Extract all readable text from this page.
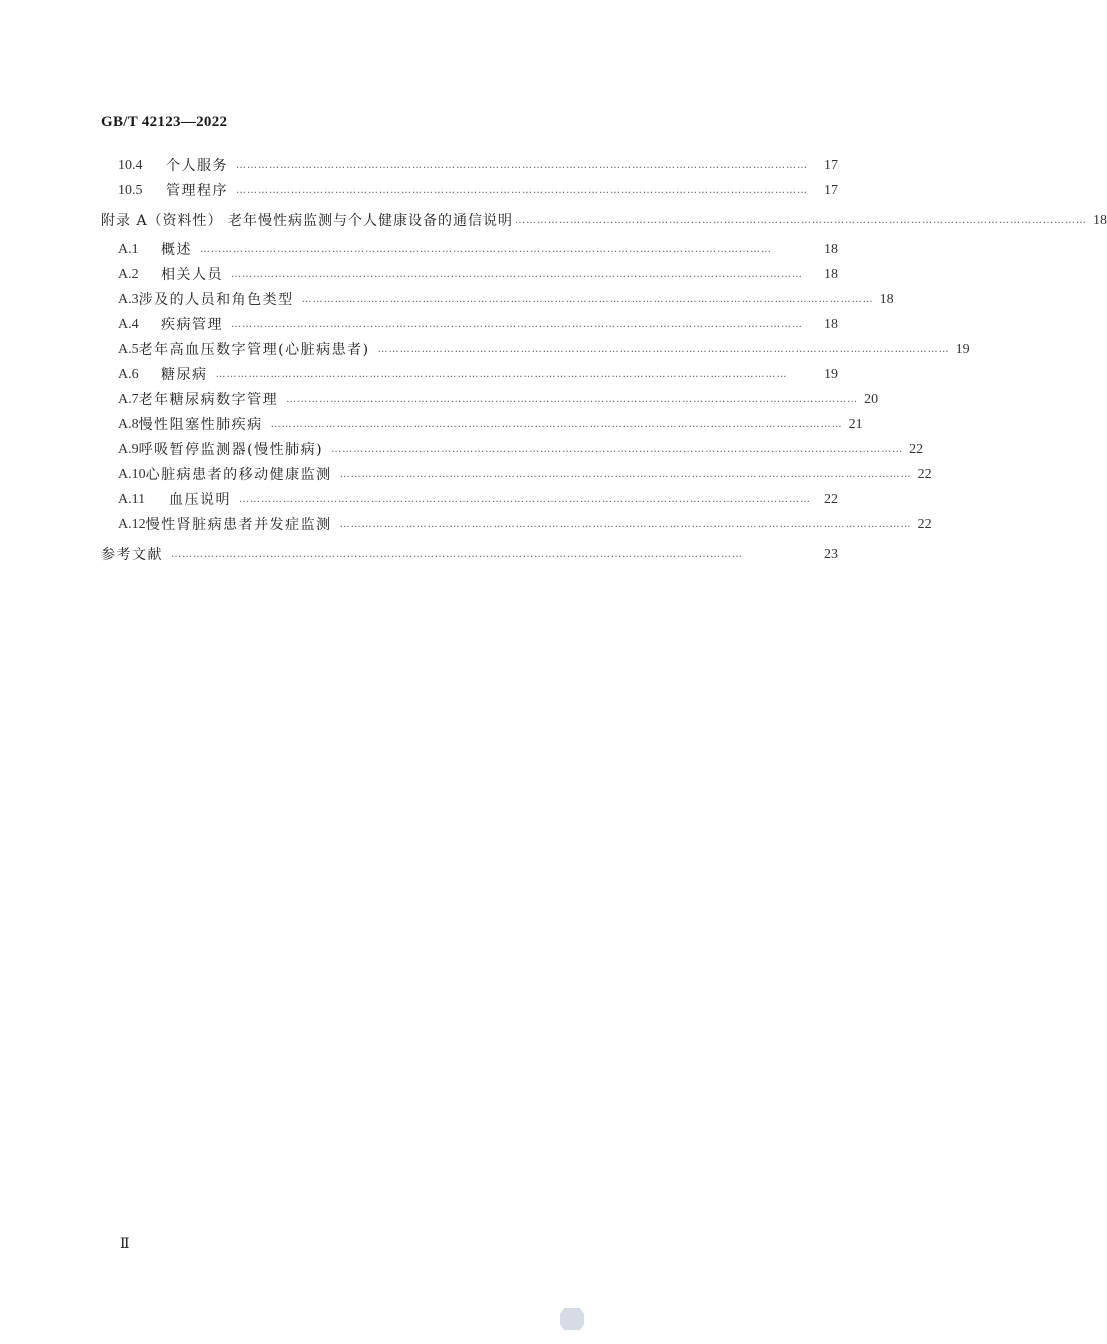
GB/T 42123—2022
10.4	个人服务 …………………………………………………………………………………………………………………………………………	17
10.5	管理程序 …………………………………………………………………………………………………………………………………………	17
附录 A（资料性） 老年慢性病监测与个人健康设备的通信说明 ………………………………………………………………………………………………………………………………………… 18
A.1	概述 …………………………………………………………………………………………………………………………………………	18
A.2	相关人员 …………………………………………………………………………………………………………………………………………	18
A.3 涉及的人员和角色类型 ………………………………………………………………………………………………………………………………………… 18
A.4	疾病管理 …………………………………………………………………………………………………………………………………………	18
A.5 老年高血压数字管理(心脏病患者) ………………………………………………………………………………………………………………………………………… 19
A.6	糖尿病 …………………………………………………………………………………………………………………………………………	19
A.7 老年糖尿病数字管理 ………………………………………………………………………………………………………………………………………… 20
A.8 慢性阻塞性肺疾病 ………………………………………………………………………………………………………………………………………… 21
A.9 呼吸暂停监测器(慢性肺病) ………………………………………………………………………………………………………………………………………… 22
A.10 心脏病患者的移动健康监测 ………………………………………………………………………………………………………………………………………… 22
A.11	血压说明 ………………………………………………………………………………………………………………………………………… 22
A.12 慢性肾脏病患者并发症监测 ………………………………………………………………………………………………………………………………………… 22
参考文献 …………………………………………………………………………………………………………………………………………	23
Ⅱ
